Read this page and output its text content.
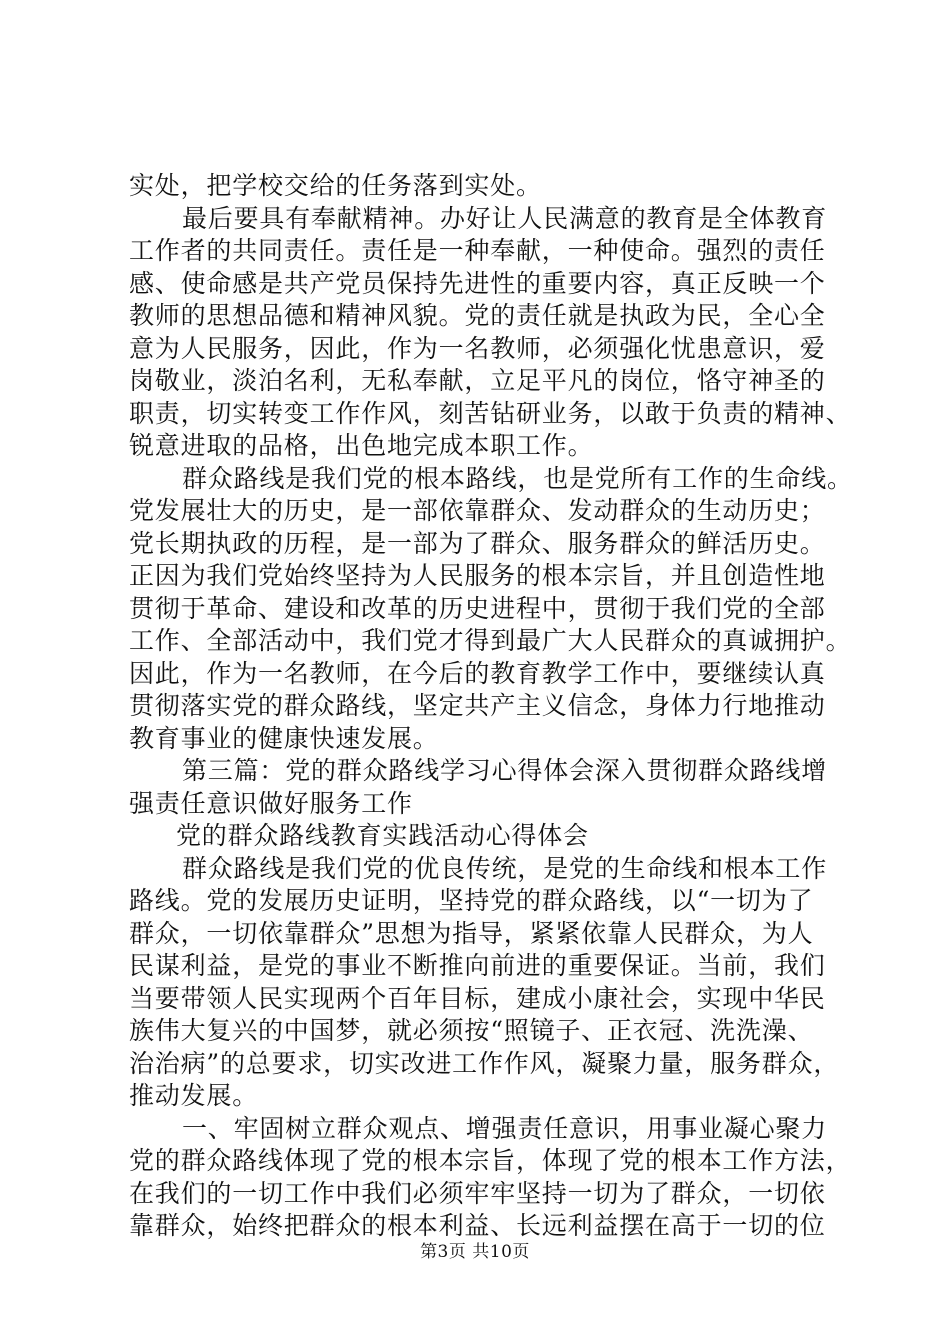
实处，把学校交给的任务落到实处。
最后要具有奉献精神。办好让人民满意的教育是全体教育
工作者的共同责任。责任是一种奉献，一种使命。强烈的责任
感、使命感是共产党员保持先进性的重要内容，真正反映一个
教师的思想品德和精神风貌。党的责任就是执政为民，全心全
意为人民服务，因此，作为一名教师，必须强化忧患意识，爱
岗敬业，淡泊名利，无私奉献，立足平凡的岗位，恪守神圣的
职责，切实转变工作作风，刻苦钻研业务，以敢于负责的精神、
锐意进取的品格，出色地完成本职工作。
群众路线是我们党的根本路线，也是党所有工作的生命线。
党发展壮大的历史，是一部依靠群众、发动群众的生动历史；
党长期执政的历程，是一部为了群众、服务群众的鲜活历史。
正因为我们党始终坚持为人民服务的根本宗旨，并且创造性地
贯彻于革命、建设和改革的历史进程中，贯彻于我们党的全部
工作、全部活动中，我们党才得到最广大人民群众的真诚拥护。
因此，作为一名教师，在今后的教育教学工作中，要继续认真
贯彻落实党的群众路线，坚定共产主义信念，身体力行地推动
教育事业的健康快速发展。
第三篇：党的群众路线学习心得体会深入贯彻群众路线增
强责任意识做好服务工作
党的群众路线教育实践活动心得体会
群众路线是我们党的优良传统，是党的生命线和根本工作
路线。党的发展历史证明，坚持党的群众路线，以“一切为了
群众，一切依靠群众”思想为指导，紧紧依靠人民群众，为人
民谋利益，是党的事业不断推向前进的重要保证。当前，我们
当要带领人民实现两个百年目标，建成小康社会，实现中华民
族伟大复兴的中国梦，就必须按“照镜子、正衣冠、洗洗澡、
治治病”的总要求，切实改进工作作风，凝聚力量，服务群众，
推动发展。
一、牢固树立群众观点、增强责任意识，用事业凝心聚力
党的群众路线体现了党的根本宗旨，体现了党的根本工作方法，
在我们的一切工作中我们必须牢牢坚持一切为了群众，一切依
靠群众，始终把群众的根本利益、长远利益摆在高于一切的位
第3页 共10页
